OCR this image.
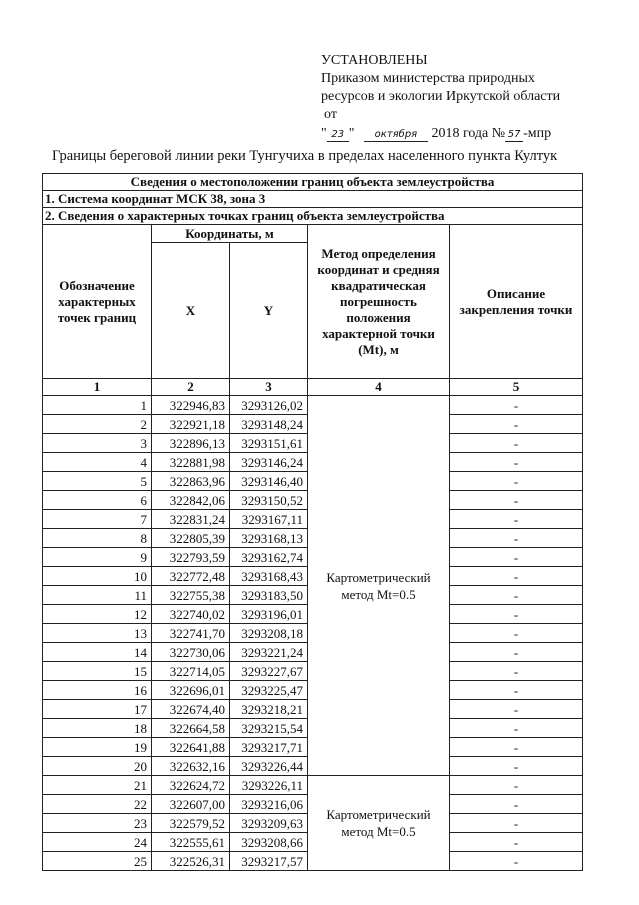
УСТАНОВЛЕНЫ
Приказом министерства природных
ресурсов и экологии Иркутской области
от
" 23 " октября 2018 года № 57 -мпр
Границы береговой линии реки Тунгучиха в пределах населенного пункта Култук
Сведения о местоположении границ объекта землеустройства				
1. Система координат МСК 38, зона 3				
2. Сведения о характерных точках границ объекта землеустройства				
Обозначение характерных точек границ	Координаты, м		Метод определения координат и средняя квадратическая погрешность положения характерной точки (Mt), м	Описание закрепления точки
	X	Y		
1	2	3	4	5
1	322946,83	3293126,02	Картометрический метод Mt=0.5	-
2	322921,18	3293148,24		-
3	322896,13	3293151,61		-
4	322881,98	3293146,24		-
5	322863,96	3293146,40		-
6	322842,06	3293150,52		-
7	322831,24	3293167,11		-
8	322805,39	3293168,13		-
9	322793,59	3293162,74		-
10	322772,48	3293168,43		-
11	322755,38	3293183,50		-
12	322740,02	3293196,01		-
13	322741,70	3293208,18		-
14	322730,06	3293221,24		-
15	322714,05	3293227,67		-
16	322696,01	3293225,47		-
17	322674,40	3293218,21		-
18	322664,58	3293215,54		-
19	322641,88	3293217,71		-
20	322632,16	3293226,44		-
21	322624,72	3293226,11	Картометрический метод Mt=0.5	-
22	322607,00	3293216,06		-
23	322579,52	3293209,63		-
24	322555,61	3293208,66		-
25	322526,31	3293217,57		-
